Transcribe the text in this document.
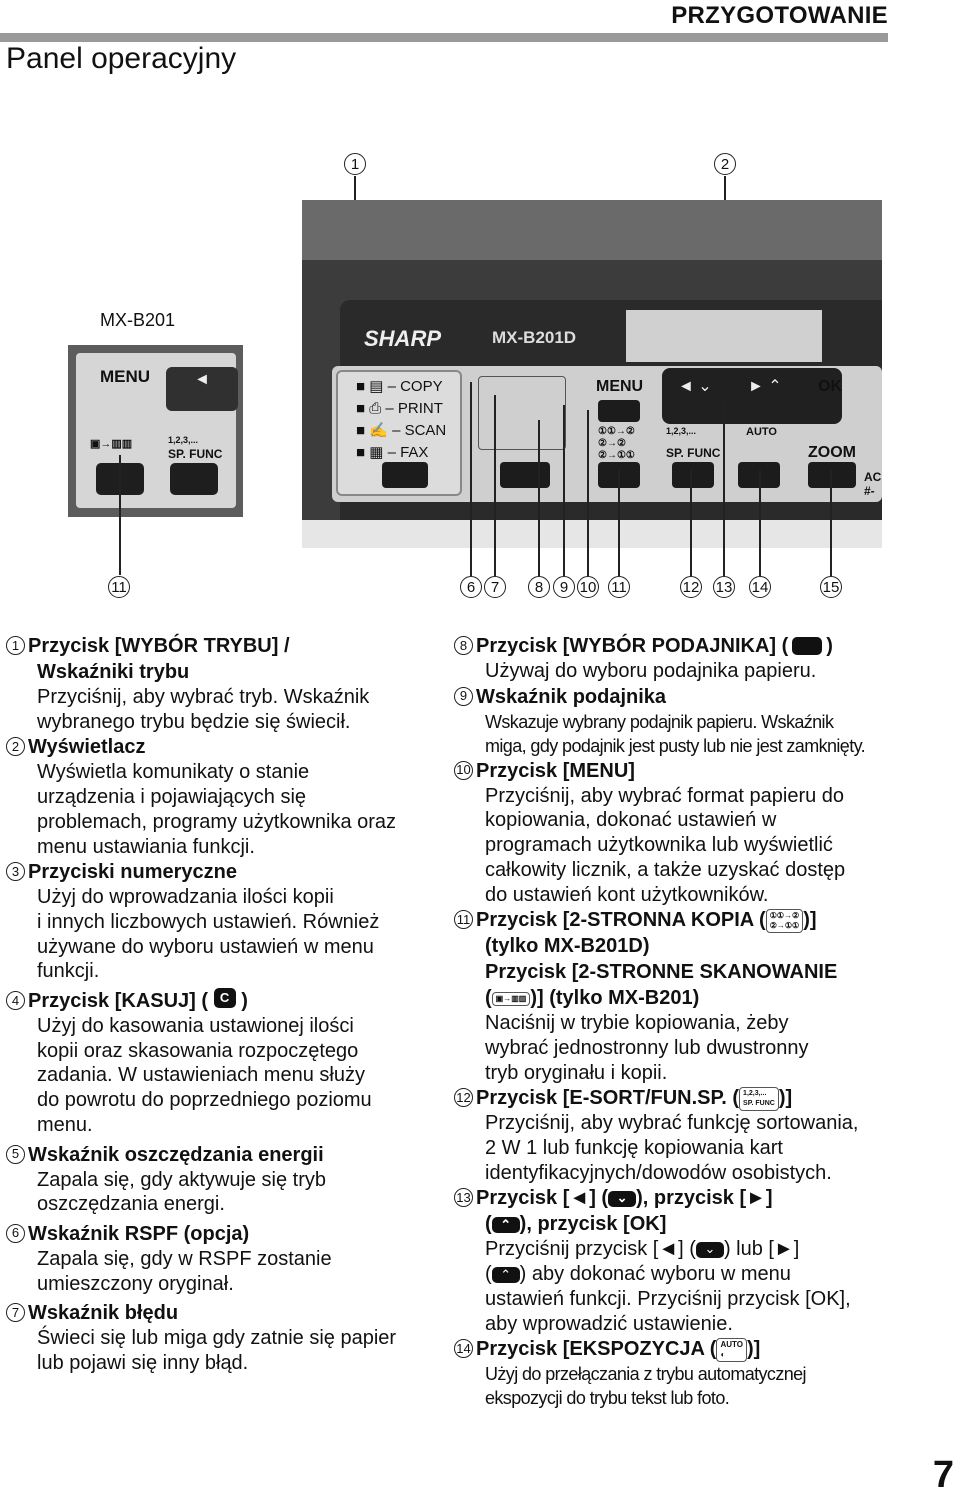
PRZYGOTOWANIE
Panel operacyjny
MX-B201
1	2
MENU	◄
1,2,3,...
SP. FUNC
▣→▥▥
SHARP	MX-B201D
■ ▤ – COPY
■ ⎙ – PRINT
■ ✍ – SCAN
■ ▦ – FAX
MENU
1,2,3,...
SP. FUNC
①①→②
②→②
②→①①
◄ ⌄ ► ⌃ OK
AUTO
ZOOM
AC
#-
11	6	7	8	9 10 11	12 13 14	15
1 Przycisk [WYBÓR TRYBU] /
Wskaźniki trybu

Przyciśnij, aby wybrać tryb. Wskaźnik

wybranego trybu będzie się świecił.

2 Wyświetlacz

Wyświetla komunikaty o stanie

urządzenia i pojawiających się

problemach, programy użytkownika oraz

menu ustawiania funkcji.

3 Przyciski numeryczne

Użyj do wprowadzania ilości kopii

i innych liczbowych ustawień. Również

używane do wyboru ustawień w menu

funkcji.

4 Przycisk [KASUJ] (
C
)

Użyj do kasowania ustawionej ilości

kopii oraz skasowania rozpoczętego

zadania. W ustawieniach menu służy

do powrotu do poprzedniego poziomu

menu.

5 Wskaźnik oszczędzania energii

Zapala się, gdy aktywuje się tryb

oszczędzania energi.

6 Wskaźnik RSPF (opcja)

Zapala się, gdy w RSPF zostanie

umieszczony oryginał.

7 Wskaźnik błędu

Świeci się lub miga gdy zatnie się papier

lub pojawi się inny błąd.

8 Przycisk [WYBÓR PODAJNIKA] ( )

Używaj do wyboru podajnika papieru.

9 Wskaźnik podajnika

Wskazuje wybrany podajnik papieru. Wskaźnik

miga, gdy podajnik jest pusty lub nie jest zamknięty.

10 Przycisk [MENU]

Przyciśnij, aby wybrać format papieru do

kopiowania, dokonać ustawień w

programach użytkownika lub wyświetlić

całkowity licznik, a także uzyskać dostęp

do ustawień kont użytkowników.

11 Przycisk [2-STRONNA KOPIA ( ①①→②
②→①① )]
(tylko MX-B201D)
Przycisk [2-STRONNE SKANOWANIE
( ▣→▥▥ )] (tylko MX-B201)

Naciśnij w trybie kopiowania, żeby

wybrać jednostronny lub dwustronny

tryb oryginału i kopii.

12 Przycisk [E-SORT/FUN.SP. ( 1,2,3,...
SP. FUNC )]

Przyciśnij, aby wybrać funkcję sortowania,

2 W 1 lub funkcję kopiowania kart

identyfikacyjnych/dowodów osobistych.

13 Przycisk [◄] ( ⌄ ), przycisk [►]
( ⌃ ), przycisk [OK]

Przyciśnij przycisk [◄] ( ⌄ ) lub [►]

( ⌃ ) aby dokonać wyboru w menu

ustawień funkcji. Przyciśnij przycisk [OK],

aby wprowadzić ustawienie.

14 Przycisk [EKSPOZYCJA ( AUTO
◐	)]

Użyj do przełączania z trybu automatycznej

ekspozycji do trybu tekst lub foto.

7
